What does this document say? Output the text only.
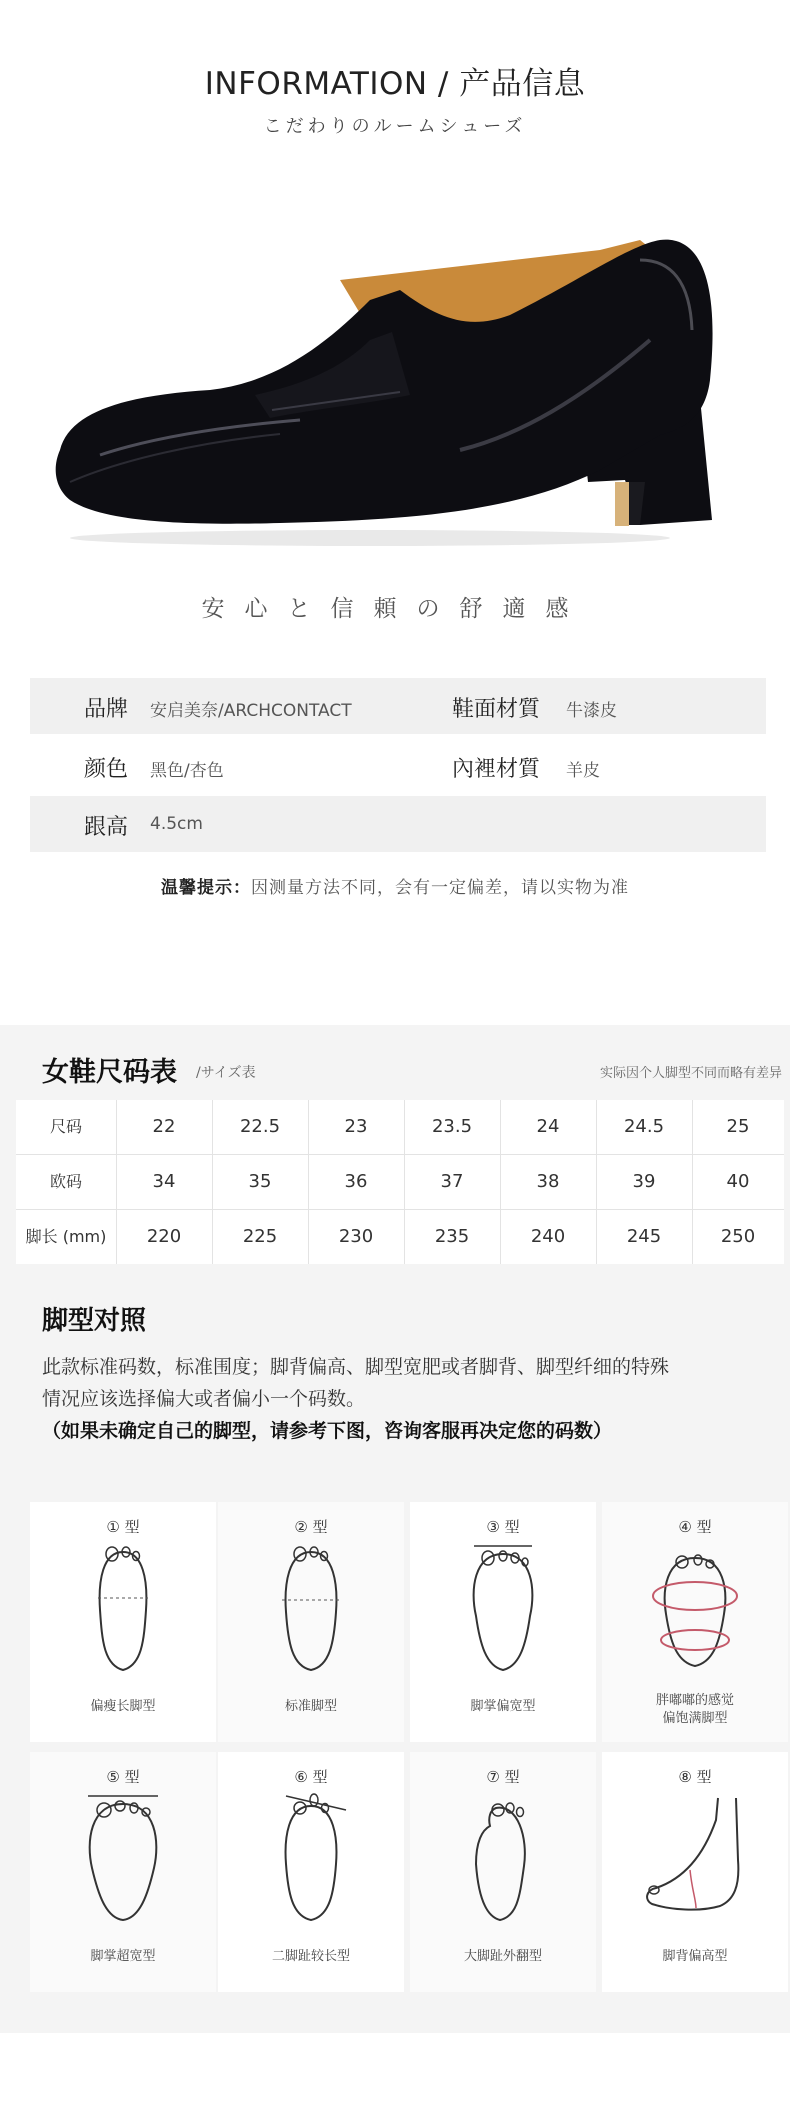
INFORMATION / 产品信息
こだわりのルームシューズ
安心と信頼の舒適感
品牌 安启美奈/ARCHCONTACT	鞋面材質 牛漆皮
颜色 黑色/杏色	內裡材質 羊皮
跟高 4.5cm
温馨提示：因测量方法不同，会有一定偏差，请以实物为准
女鞋尺码表 /サイズ表	实际因个人脚型不同而略有差异
尺码	22	22.5	23	23.5	24	24.5	25
欧码	34	35	36	37	38	39	40
脚长 (mm)	220	225	230	235	240	245	250
脚型对照
此款标准码数，标准围度；脚背偏高、脚型宽肥或者脚背、脚型纤细的特殊
情况应该选择偏大或者偏小一个码数。
（如果未确定自己的脚型，请参考下图，咨询客服再决定您的码数）
① 型
偏瘦长脚型
② 型
标准脚型
③ 型
脚掌偏宽型
④ 型
胖嘟嘟的感觉
偏饱满脚型
⑤ 型
脚掌超宽型
⑥ 型
二脚趾较长型
⑦ 型
大脚趾外翻型
⑧ 型
脚背偏高型
